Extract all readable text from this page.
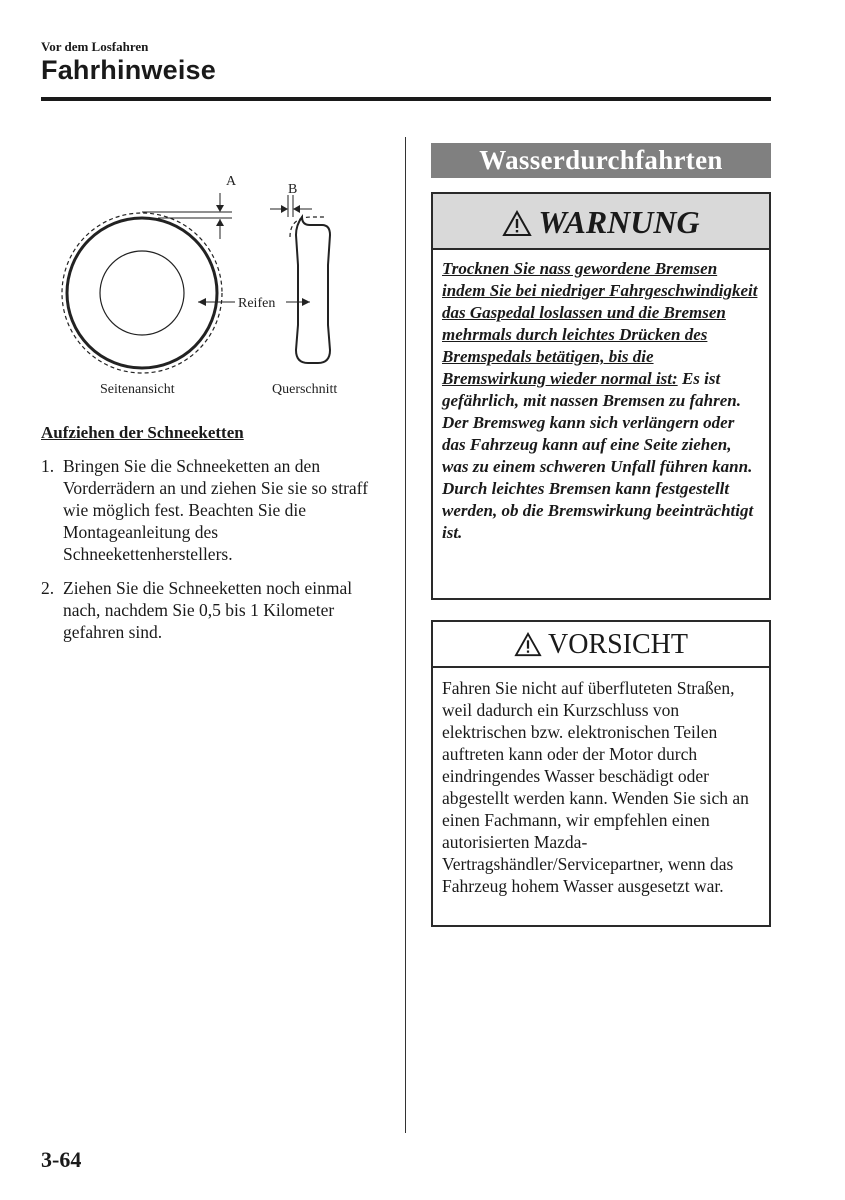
Vor dem Losfahren
Fahrhinweise
A
B
Reifen
Seitenansicht	Querschnitt
Aufziehen der Schneeketten
1. Bringen Sie die Schneeketten an den Vorderrädern an und ziehen Sie sie so straff wie möglich fest. Beachten Sie die Montageanleitung des Schneekettenherstellers.
2. Ziehen Sie die Schneeketten noch einmal nach, nachdem Sie 0,5 bis 1 Kilometer gefahren sind.
Wasserdurchfahrten
WARNUNG
Trocknen Sie nass gewordene Bremsen indem Sie bei niedriger Fahrgeschwindigkeit das Gaspedal loslassen und die Bremsen mehrmals durch leichtes Drücken des Bremspedals betätigen, bis die Bremswirkung wieder normal ist: Es ist gefährlich, mit nassen Bremsen zu fahren. Der Bremsweg kann sich verlängern oder das Fahrzeug kann auf eine Seite ziehen, was zu einem schweren Unfall führen kann. Durch leichtes Bremsen kann festgestellt werden, ob die Bremswirkung beeinträchtigt ist.
VORSICHT
Fahren Sie nicht auf überfluteten Straßen, weil dadurch ein Kurzschluss von elektrischen bzw. elektronischen Teilen auftreten kann oder der Motor durch eindringendes Wasser beschädigt oder abgestellt werden kann. Wenden Sie sich an einen Fachmann, wir empfehlen einen autorisierten Mazda-Vertragshändler/Servicepartner, wenn das Fahrzeug hohem Wasser ausgesetzt war.
3-64
